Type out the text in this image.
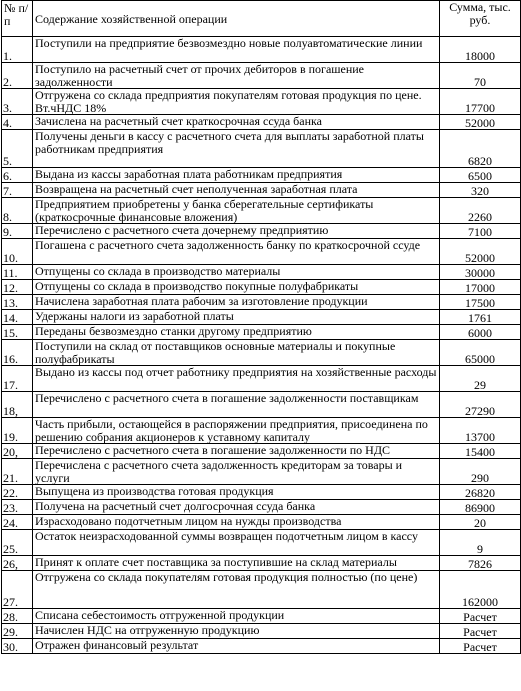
№ п/п	Содержание хозяйственной операции	Сумма, тыс. руб.
1.	Поступили на предприятие безвозмездно новые полуавтоматические линии	18000
2.	Поступило на расчетный счет от прочих дебиторов в погашение задолженности	70
3.	Отгружена со склада предприятия покупателям готовая продукция по цене. Вт.чНДС 18%	17700
4.	Зачислена на расчетный счет краткосрочная ссуда банка	52000
5.	Получены деньги в кассу с расчетного счета для выплаты заработной платы работникам предприятия	6820
6.	Выдана из кассы заработная плата работникам предприятия	6500
7.	Возвращена на расчетный счет неполученная заработная плата	320
8.	Предприятием приобретены у банка сберегательные сертификаты (краткосрочные финансовые вложения)	2260
9.	Перечислено с расчетного счета дочернему предприятию	7100
10.	Погашена с расчетного счета задолженность банку по краткосрочной ссуде	52000
11.	Отпущены со склада в производство материалы	30000
12.	Отпущены со склада в производство покупные полуфабрикаты	17000
13.	Начислена заработная плата рабочим за изготовление продукции	17500
14.	Удержаны налоги из заработной платы	1761
15.	Переданы безвозмездно станки другому предприятию	6000
16.	Поступили на склад от поставщиков основные материалы и покупные полуфабрикаты	65000
17.	Выдано из кассы под отчет работнику предприятия на хозяйственные расходы	29
18,	Перечислено с расчетного счета в погашение задолженности поставщикам	27290
19.	Часть прибыли, остающейся в распоряжении предприятия, присоединена по решению собрания акционеров к уставному капиталу	13700
20,	Перечислено с расчетного счета в погашение задолженности по НДС	15400
21.	Перечислена с расчетного счета задолженность кредиторам за товары и услуги	290
22.	Выпущена из производства готовая продукция	26820
23.	Получена на расчетный счет долгосрочная ссуда банка	86900
24.	Израсходовано подотчетным лицом на нужды производства	20
25.	Остаток неизрасходованной суммы возвращен подотчетным лицом в кассу	9
26,	Принят к оплате счет поставщика за поступившие на склад материалы	7826
27.	Отгружена со склада покупателям готовая продукция полностью (по цене)	162000
28.	Списана себестоимость отгруженной продукции	Расчет
29.	Начислен НДС на отгруженную продукцию	Расчет
30.	Отражен финансовый результат	Расчет
